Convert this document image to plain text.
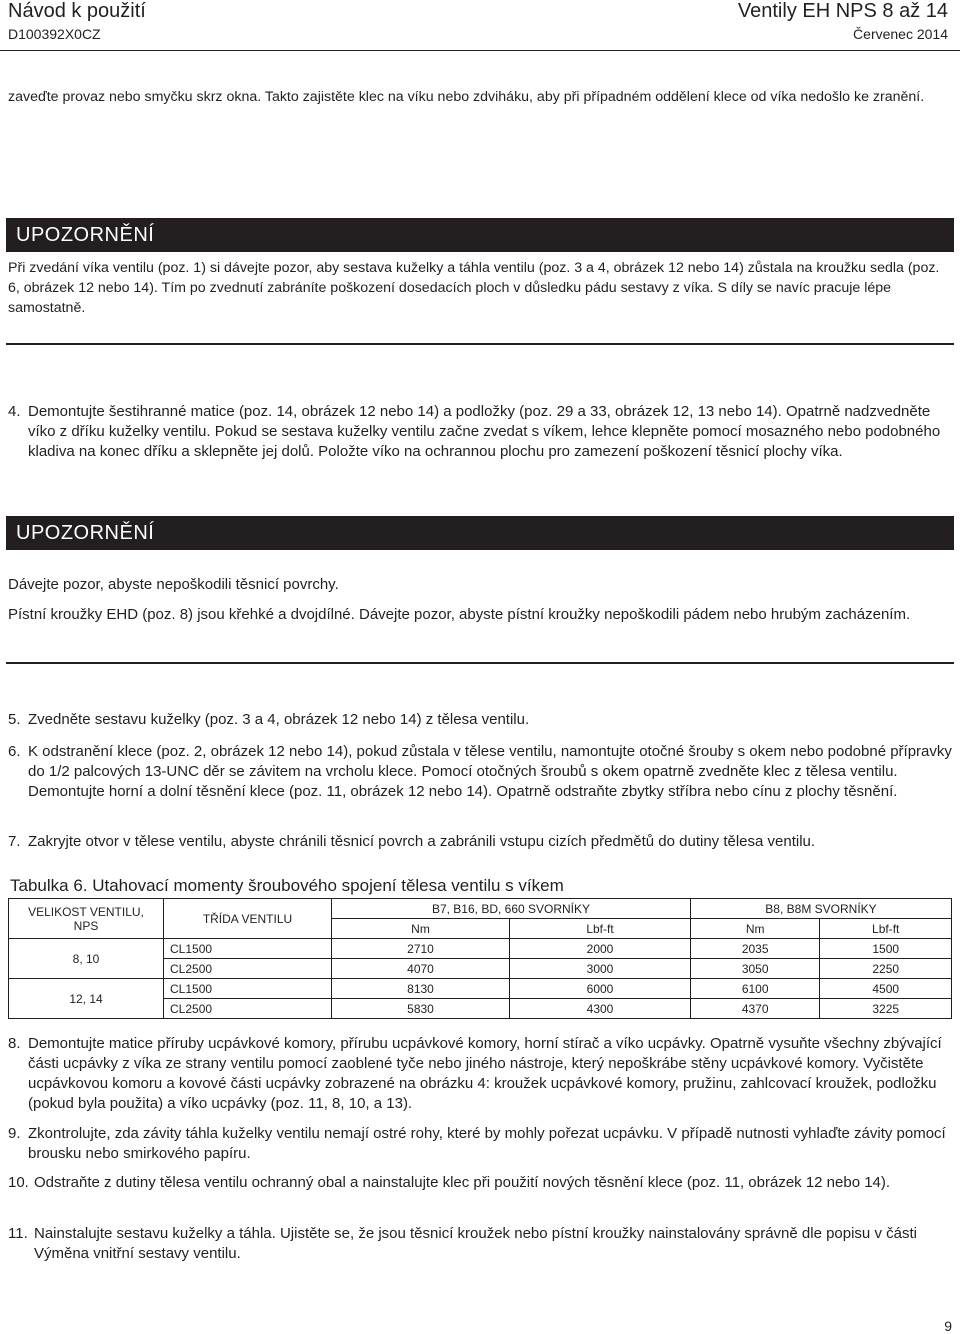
Návod k použití
D100392X0CZ
Ventily EH NPS 8 až 14
Červenec 2014

zaveďte provaz nebo smyčku skrz okna. Takto zajistěte klec na víku nebo zdviháku, aby při případném oddělení klece od víka nedošlo ke zranění.

UPOZORNĚNÍ

Při zvedání víka ventilu (poz. 1) si dávejte pozor, aby sestava kuželky a táhla ventilu (poz. 3 a 4, obrázek 12 nebo 14) zůstala na kroužku sedla (poz. 6, obrázek 12 nebo 14). Tím po zvednutí zabráníte poškození dosedacích ploch v důsledku pádu sestavy z víka. S díly se navíc pracuje lépe samostatně.

4. Demontujte šestihranné matice (poz. 14, obrázek 12 nebo 14) a podložky (poz. 29 a 33, obrázek 12, 13 nebo 14). Opatrně nadzvedněte víko z dříku kuželky ventilu. Pokud se sestava kuželky ventilu začne zvedat s víkem, lehce klepněte pomocí mosazného nebo podobného kladiva na konec dříku a sklepněte jej dolů. Položte víko na ochrannou plochu pro zamezení poškození těsnicí plochy víka.
UPOZORNĚNÍ

Dávejte pozor, abyste nepoškodili těsnicí povrchy.

Pístní kroužky EHD (poz. 8) jsou křehké a dvojdílné. Dávejte pozor, abyste pístní kroužky nepoškodili pádem nebo hrubým zacházením.

5. Zvedněte sestavu kuželky (poz. 3 a 4, obrázek 12 nebo 14) z tělesa ventilu.
6. K odstranění klece (poz. 2, obrázek 12 nebo 14), pokud zůstala v tělese ventilu, namontujte otočné šrouby s okem nebo podobné přípravky do 1/2 palcových 13-UNC děr se závitem na vrcholu klece. Pomocí otočných šroubů s okem opatrně zvedněte klec z tělesa ventilu. Demontujte horní a dolní těsnění klece (poz. 11, obrázek 12 nebo 14). Opatrně odstraňte zbytky stříbra nebo cínu z plochy těsnění.
7. Zakryjte otvor v tělese ventilu, abyste chránili těsnicí povrch a zabránili vstupu cizích předmětů do dutiny tělesa ventilu.
Tabulka 6. Utahovací momenty šroubového spojení tělesa ventilu s víkem
VELIKOST VENTILU, NPS	TŘÍDA VENTILU	B7, B16, BD, 660 SVORNÍKY		B8, B8M SVORNÍKY	
		Nm	Lbf-ft	Nm	Lbf-ft
8, 10	CL1500	2710	2000	2035	1500
	CL2500	4070	3000	3050	2250
12, 14	CL1500	8130	6000	6100	4500
	CL2500	5830	4300	4370	3225
8. Demontujte matice příruby ucpávkové komory, přírubu ucpávkové komory, horní stírač a víko ucpávky. Opatrně vysuňte všechny zbývající části ucpávky z víka ze strany ventilu pomocí zaoblené tyče nebo jiného nástroje, který nepoškrábe stěny ucpávkové komory. Vyčistěte ucpávkovou komoru a kovové části ucpávky zobrazené na obrázku 4: kroužek ucpávkové komory, pružinu, zahlcovací kroužek, podložku (pokud byla použita) a víko ucpávky (poz. 11, 8, 10, a 13).
9. Zkontrolujte, zda závity táhla kuželky ventilu nemají ostré rohy, které by mohly pořezat ucpávku. V případě nutnosti vyhlaďte závity pomocí brousku nebo smirkového papíru.
10. Odstraňte z dutiny tělesa ventilu ochranný obal a nainstalujte klec při použití nových těsnění klece (poz. 11, obrázek 12 nebo 14).
11. Nainstalujte sestavu kuželky a táhla. Ujistěte se, že jsou těsnicí kroužek nebo pístní kroužky nainstalovány správně dle popisu v části Výměna vnitřní sestavy ventilu.
9
